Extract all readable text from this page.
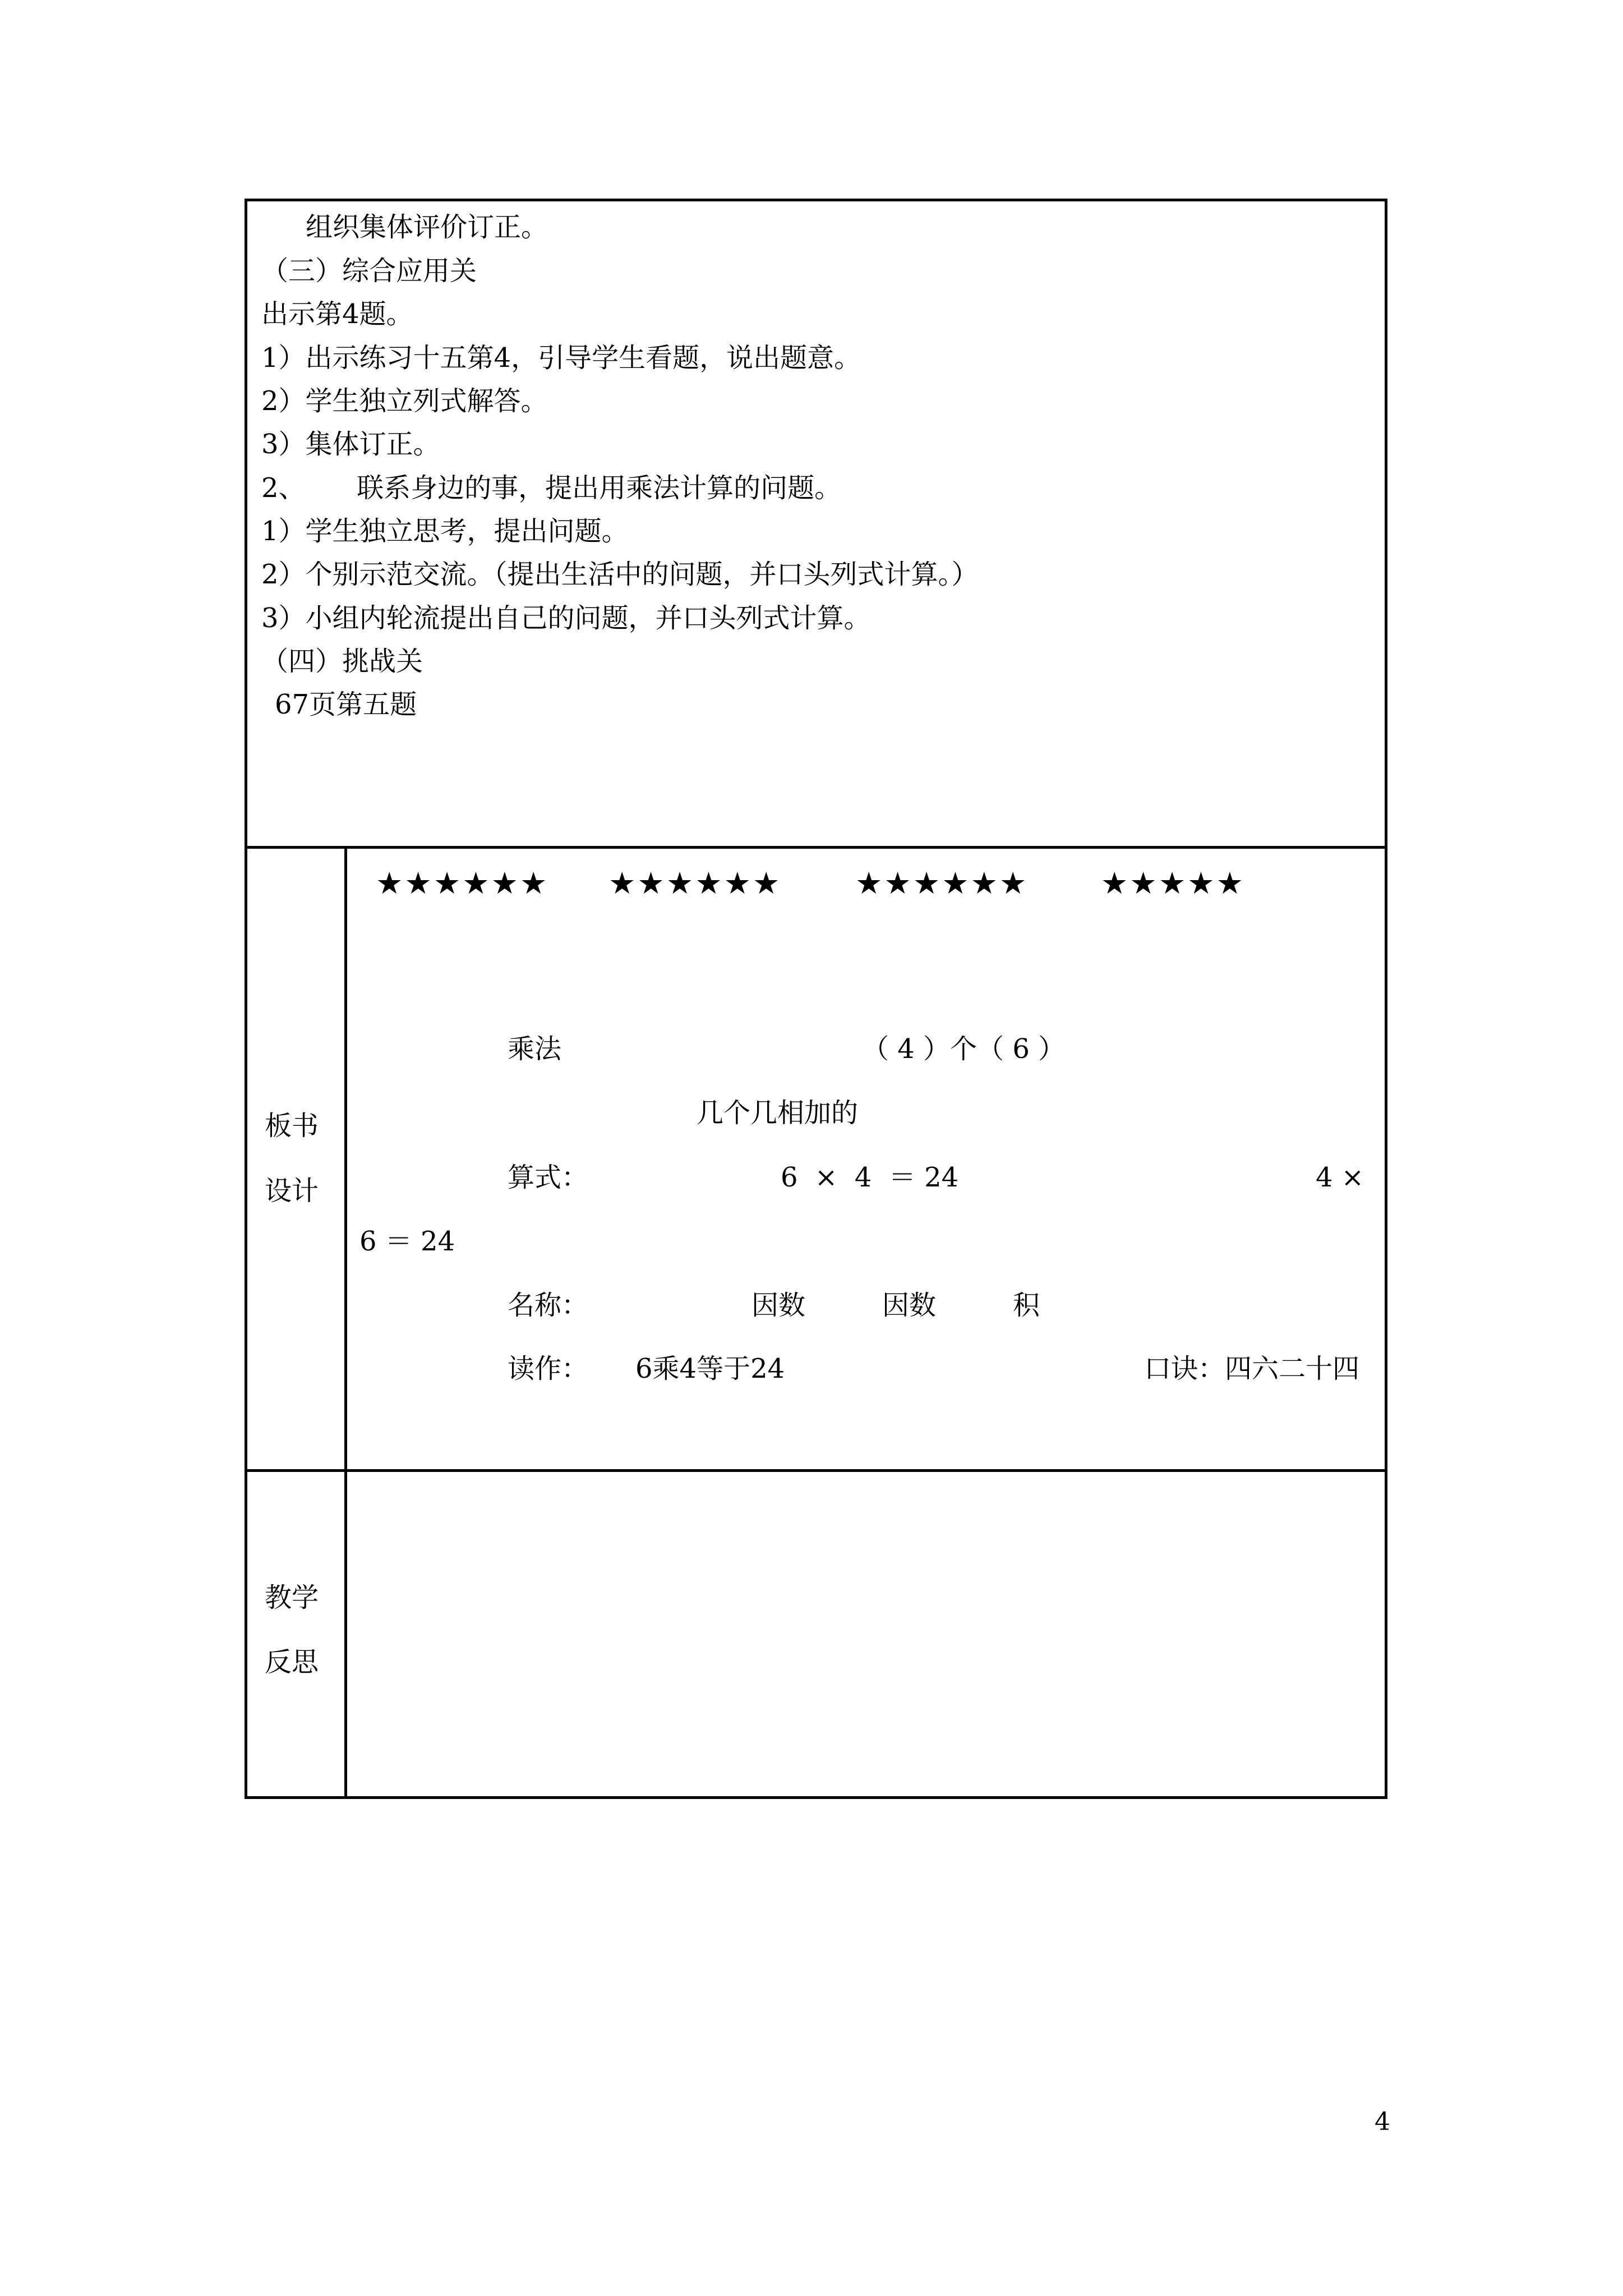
组织集体评价订正。
（三）综合应用关
出示第4题。
1）出示练习十五第4，引导学生看题，说出题意。
2）学生独立列式解答。
3）集体订正。
2、      联系身边的事，提出用乘法计算的问题。
1）学生独立思考，提出问题。
2）个别示范交流。（提出生活中的问题，并口头列式计算。）
3）小组内轮流提出自己的问题，并口头列式计算。
（四）挑战关
67页第五题
板书
设计
★★★★★★ ★★★★★★ ★★★★★★ ★★★★★
乘法	（ 4 ）个（ 6 ）
几个几相加的
算式：	6  ×  4  ＝ 24	4 ×
6 ＝ 24
名称：	因数	因数	积
读作： 6乘4等于24	口诀：四六二十四
教学
反思
4
